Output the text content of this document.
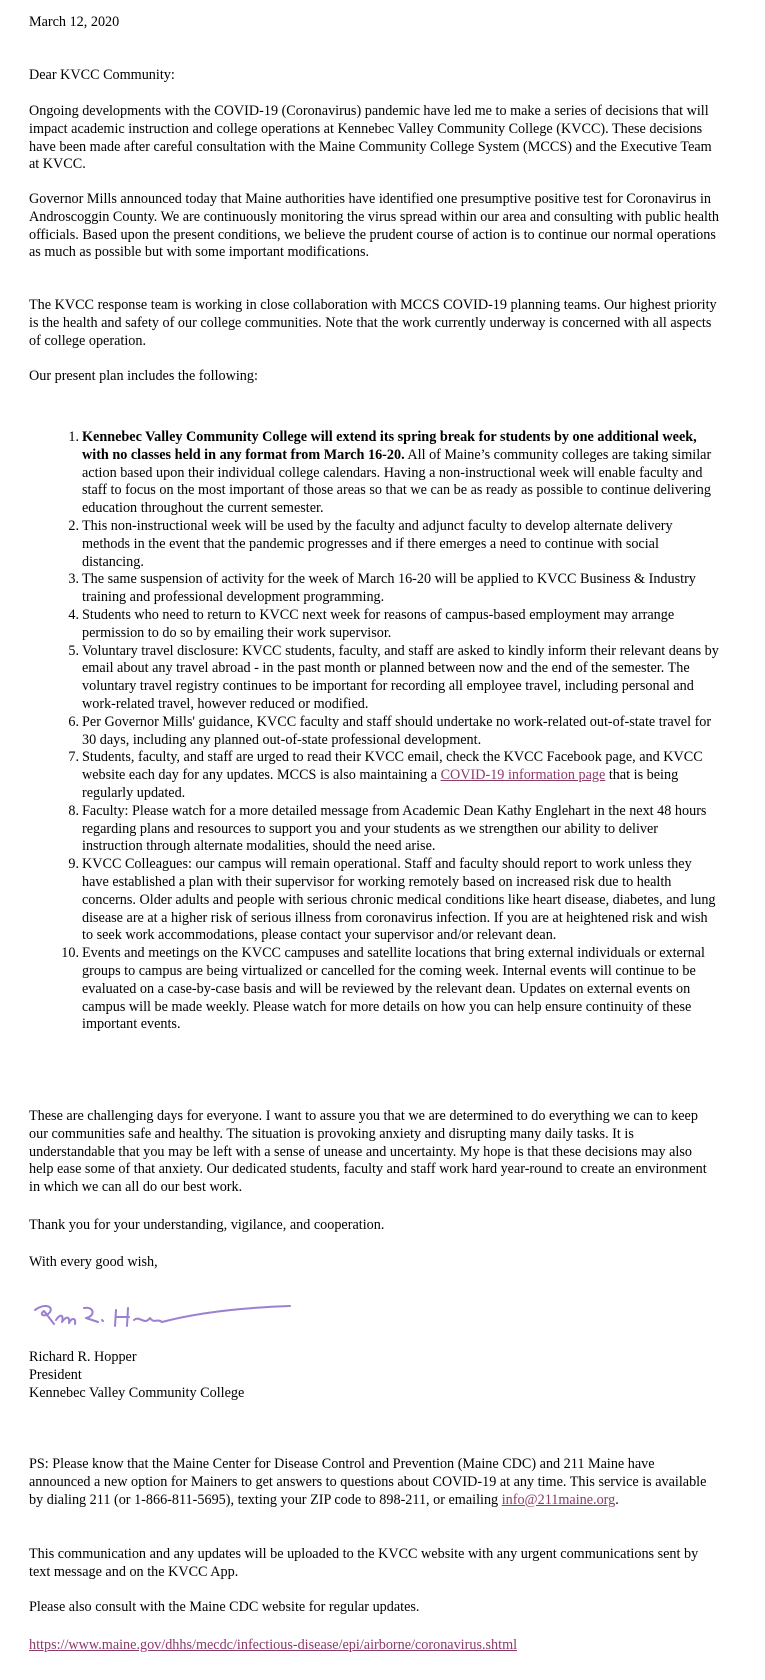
March 12, 2020

Dear KVCC Community:

Ongoing developments with the COVID-19 (Coronavirus) pandemic have led me to make a series of decisions that will impact academic instruction and college operations at Kennebec Valley Community College (KVCC). These decisions have been made after careful consultation with the Maine Community College System (MCCS) and the Executive Team at KVCC.

Governor Mills announced today that Maine authorities have identified one presumptive positive test for Coronavirus in Androscoggin County. We are continuously monitoring the virus spread within our area and consulting with public health officials. Based upon the present conditions, we believe the prudent course of action is to continue our normal operations as much as possible but with some important modifications.

The KVCC response team is working in close collaboration with MCCS COVID-19 planning teams. Our highest priority is the health and safety of our college communities. Note that the work currently underway is concerned with all aspects of college operation.

Our present plan includes the following:

1. Kennebec Valley Community College will extend its spring break for students by one additional week, with no classes held in any format from March 16-20. All of Maine’s community colleges are taking similar action based upon their individual college calendars. Having a non-instructional week will enable faculty and staff to focus on the most important of those areas so that we can be as ready as possible to continue delivering education throughout the current semester.
2. This non-instructional week will be used by the faculty and adjunct faculty to develop alternate delivery methods in the event that the pandemic progresses and if there emerges a need to continue with social distancing.
3. The same suspension of activity for the week of March 16-20 will be applied to KVCC Business & Industry training and professional development programming.
4. Students who need to return to KVCC next week for reasons of campus-based employment may arrange permission to do so by emailing their work supervisor.
5. Voluntary travel disclosure: KVCC students, faculty, and staff are asked to kindly inform their relevant deans by email about any travel abroad - in the past month or planned between now and the end of the semester. The voluntary travel registry continues to be important for recording all employee travel, including personal and work-related travel, however reduced or modified.
6. Per Governor Mills' guidance, KVCC faculty and staff should undertake no work-related out-of-state travel for 30 days, including any planned out-of-state professional development.
7. Students, faculty, and staff are urged to read their KVCC email, check the KVCC Facebook page, and KVCC website each day for any updates. MCCS is also maintaining a COVID-19 information page that is being regularly updated.
8. Faculty: Please watch for a more detailed message from Academic Dean Kathy Englehart in the next 48 hours regarding plans and resources to support you and your students as we strengthen our ability to deliver instruction through alternate modalities, should the need arise.
9. KVCC Colleagues: our campus will remain operational. Staff and faculty should report to work unless they have established a plan with their supervisor for working remotely based on increased risk due to health concerns. Older adults and people with serious chronic medical conditions like heart disease, diabetes, and lung disease are at a higher risk of serious illness from coronavirus infection. If you are at heightened risk and wish to seek work accommodations, please contact your supervisor and/or relevant dean.
10. Events and meetings on the KVCC campuses and satellite locations that bring external individuals or external groups to campus are being virtualized or cancelled for the coming week. Internal events will continue to be evaluated on a case-by-case basis and will be reviewed by the relevant dean. Updates on external events on campus will be made weekly. Please watch for more details on how you can help ensure continuity of these important events.

These are challenging days for everyone. I want to assure you that we are determined to do everything we can to keep our communities safe and healthy. The situation is provoking anxiety and disrupting many daily tasks. It is understandable that you may be left with a sense of unease and uncertainty. My hope is that these decisions may also help ease some of that anxiety. Our dedicated students, faculty and staff work hard year-round to create an environment in which we can all do our best work.

Thank you for your understanding, vigilance, and cooperation.

With every good wish,

Richard R. Hopper

President

Kennebec Valley Community College

PS: Please know that the Maine Center for Disease Control and Prevention (Maine CDC) and 211 Maine have announced a new option for Mainers to get answers to questions about COVID-19 at any time. This service is available by dialing 211 (or 1-866-811-5695), texting your ZIP code to 898-211, or emailing info@211maine.org.

This communication and any updates will be uploaded to the KVCC website with any urgent communications sent by text message and on the KVCC App.

Please also consult with the Maine CDC website for regular updates.

https://www.maine.gov/dhhs/mecdc/infectious-disease/epi/airborne/coronavirus.shtml
